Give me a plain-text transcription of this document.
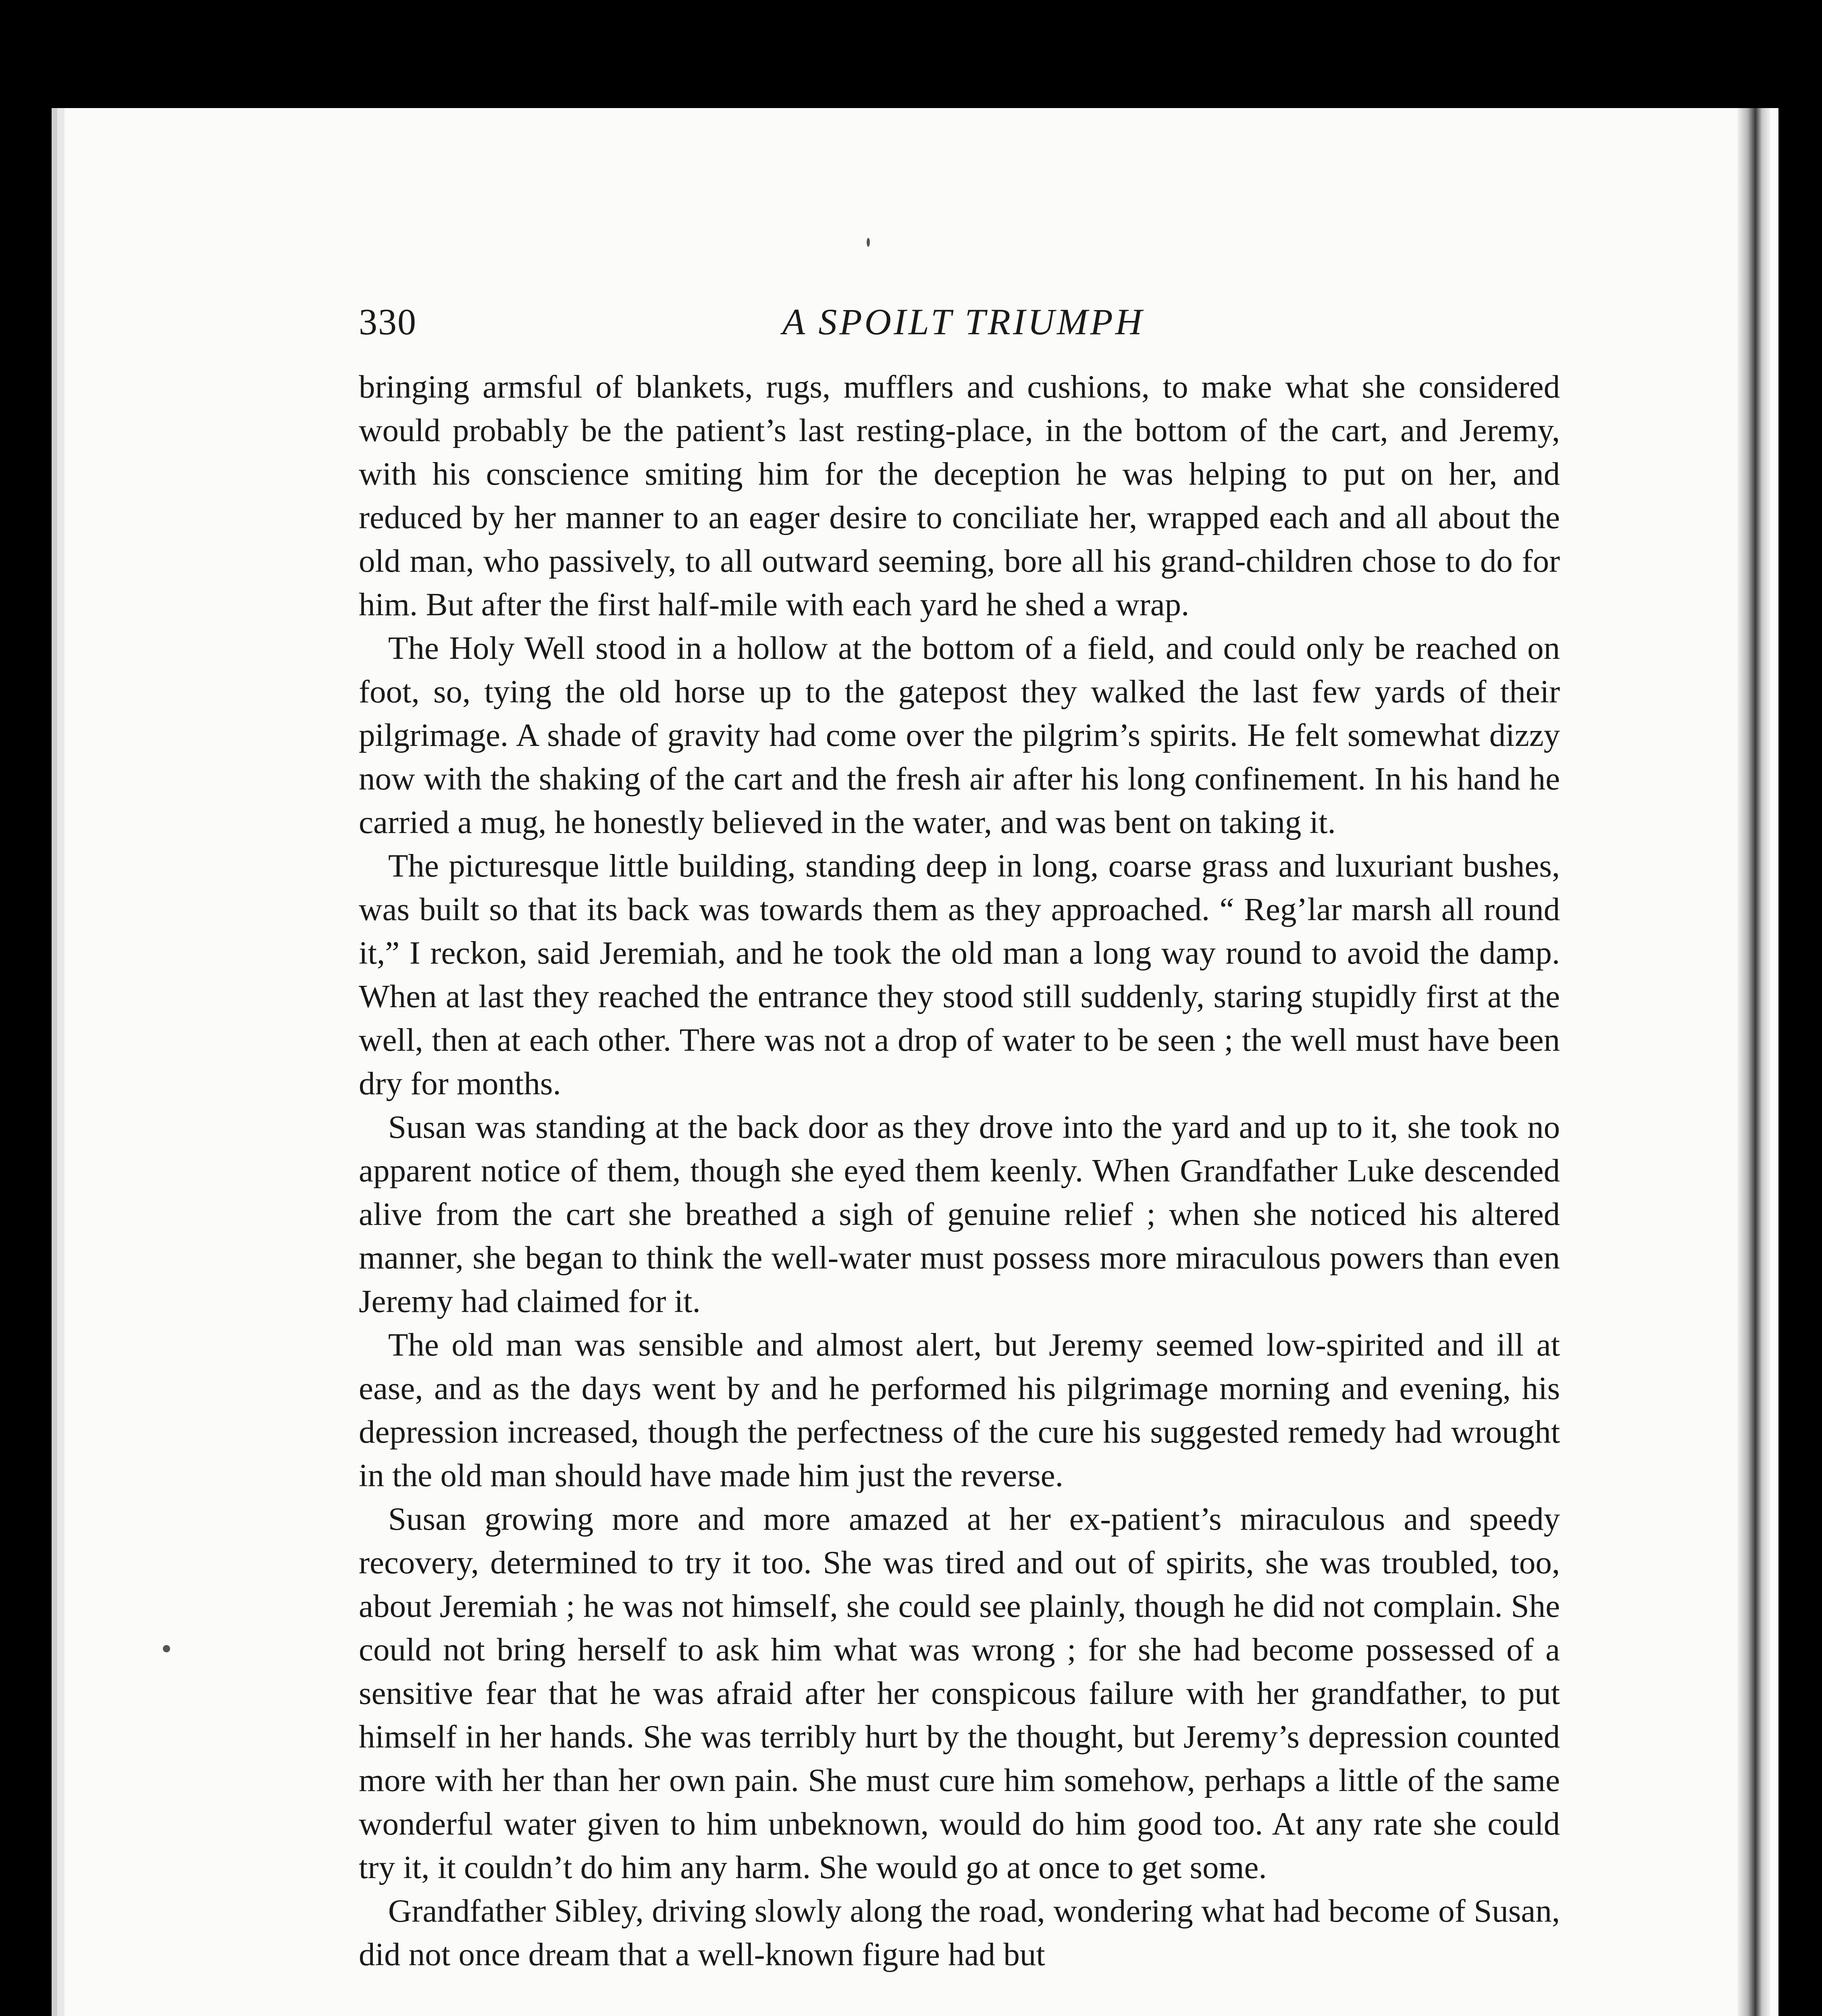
330	A SPOILT TRIUMPH

bringing armsful of blankets, rugs, mufflers and cushions, to make what she considered would probably be the patient’s last resting-place, in the bottom of the cart, and Jeremy, with his conscience smiting him for the deception he was helping to put on her, and reduced by her manner to an eager desire to conciliate her, wrapped each and all about the old man, who passively, to all outward seeming, bore all his grand-children chose to do for him. But after the first half-mile with each yard he shed a wrap.

The Holy Well stood in a hollow at the bottom of a field, and could only be reached on foot, so, tying the old horse up to the gatepost they walked the last few yards of their pilgrimage. A shade of gravity had come over the pilgrim’s spirits. He felt somewhat dizzy now with the shaking of the cart and the fresh air after his long confinement. In his hand he carried a mug, he honestly believed in the water, and was bent on taking it.

The picturesque little building, standing deep in long, coarse grass and luxuriant bushes, was built so that its back was towards them as they approached. “ Reg’lar marsh all round it,” I reckon, said Jeremiah, and he took the old man a long way round to avoid the damp. When at last they reached the entrance they stood still suddenly, staring stupidly first at the well, then at each other. There was not a drop of water to be seen ; the well must have been dry for months.

Susan was standing at the back door as they drove into the yard and up to it, she took no apparent notice of them, though she eyed them keenly. When Grandfather Luke descended alive from the cart she breathed a sigh of genuine relief ; when she noticed his altered manner, she began to think the well-water must possess more miraculous powers than even Jeremy had claimed for it.

The old man was sensible and almost alert, but Jeremy seemed low-spirited and ill at ease, and as the days went by and he performed his pilgrimage morning and evening, his depression increased, though the perfectness of the cure his suggested remedy had wrought in the old man should have made him just the reverse.

Susan growing more and more amazed at her ex-patient’s miraculous and speedy recovery, determined to try it too. She was tired and out of spirits, she was troubled, too, about Jeremiah ; he was not himself, she could see plainly, though he did not complain. She could not bring herself to ask him what was wrong ; for she had become possessed of a sensitive fear that he was afraid after her conspicous failure with her grandfather, to put himself in her hands. She was terribly hurt by the thought, but Jeremy’s depression counted more with her than her own pain. She must cure him somehow, perhaps a little of the same wonderful water given to him unbeknown, would do him good too. At any rate she could try it, it couldn’t do him any harm. She would go at once to get some.

Grandfather Sibley, driving slowly along the road, wondering what had become of Susan, did not once dream that a well-known figure had but
